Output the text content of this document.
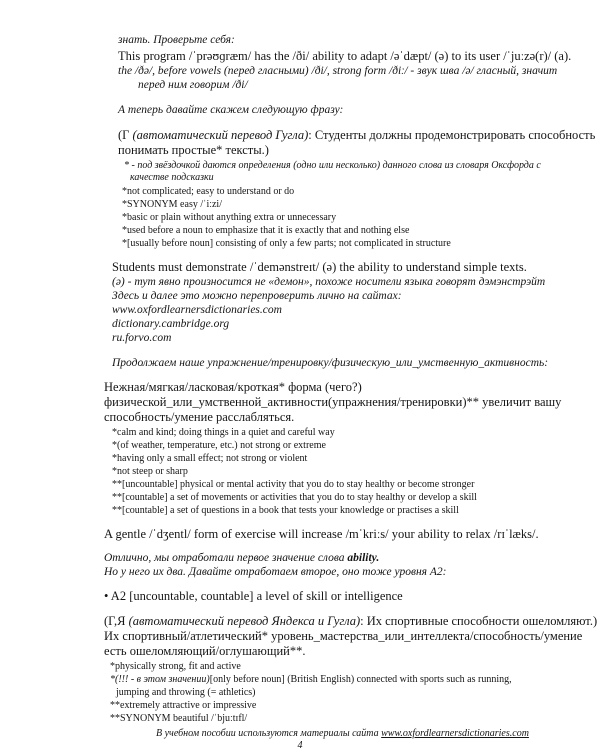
знать. Проверьте себя:
This program /ˈprəʊɡræm/ has the /ði/ ability to adapt /əˈdæpt/ (ə) to its user /ˈjuːzə(r)/ (a).
the /ðə/, before vowels (перед гласными) /ði/, strong form /ðiː/ - звук шва /ə/ гласный, значит
перед ним говорим /ði/
А теперь давайте скажем следующую фразу:
(Г (автоматический перевод Гугла): Студенты должны продемонстрировать способность
понимать простые* тексты.)
* - под звёздочкой даются определения (одно или несколько) данного слова из словаря Оксфорда с
качестве подсказки
*not complicated; easy to understand or do
*SYNONYM easy /ˈiːzi/
*basic or plain without anything extra or unnecessary
*used before a noun to emphasize that it is exactly that and nothing else
*[usually before noun] consisting of only a few parts; not complicated in structure
Students must demonstrate /ˈdemənstreɪt/ (ə) the ability to understand simple texts.
(ə) - тут явно произносится не «демон», похоже носители языка говорят дэмэнстрэйт
Здесь и далее это можно перепроверить лично на сайтах:
www.oxfordlearnersdictionaries.com
dictionary.cambridge.org
ru.forvo.com
Продолжаем наше упражнение/тренировку/физическую_или_умственную_активность:
Нежная/мягкая/ласковая/кроткая* форма (чего?)
физической_или_умственной_активности(упражнения/тренировки)** увеличит вашу
способность/умение расслабляться.
*calm and kind; doing things in a quiet and careful way
*(of weather, temperature, etc.) not strong or extreme
*having only a small effect; not strong or violent
*not steep or sharp
**[uncountable] physical or mental activity that you do to stay healthy or become stronger
**[countable] a set of movements or activities that you do to stay healthy or develop a skill
**[countable] a set of questions in a book that tests your knowledge or practises a skill
A gentle /ˈdʒentl/ form of exercise will increase /mˈkriːs/ your ability to relax /rɪˈlæks/.
Отлично, мы отработали первое значение слова ability.
Но у него их два. Давайте отработаем второе, оно тоже уровня А2:
• A2 [uncountable, countable] a level of skill or intelligence
(Г,Я (автоматический перевод Яндекса и Гугла): Их спортивные способности ошеломляют.)
Их спортивный/атлетический* уровень_мастерства_или_интеллекта/способность/умение
есть ошеломляющий/оглушающий**.
*physically strong, fit and active
*(!!! - в этом значении)[only before noun] (British English) connected with sports such as running,
jumping and throwing (= athletics)
**extremely attractive or impressive
**SYNONYM beautiful /ˈbjuːtɪfl/
В учебном пособии используются материалы сайта www.oxfordlearnersdictionaries.com
4
